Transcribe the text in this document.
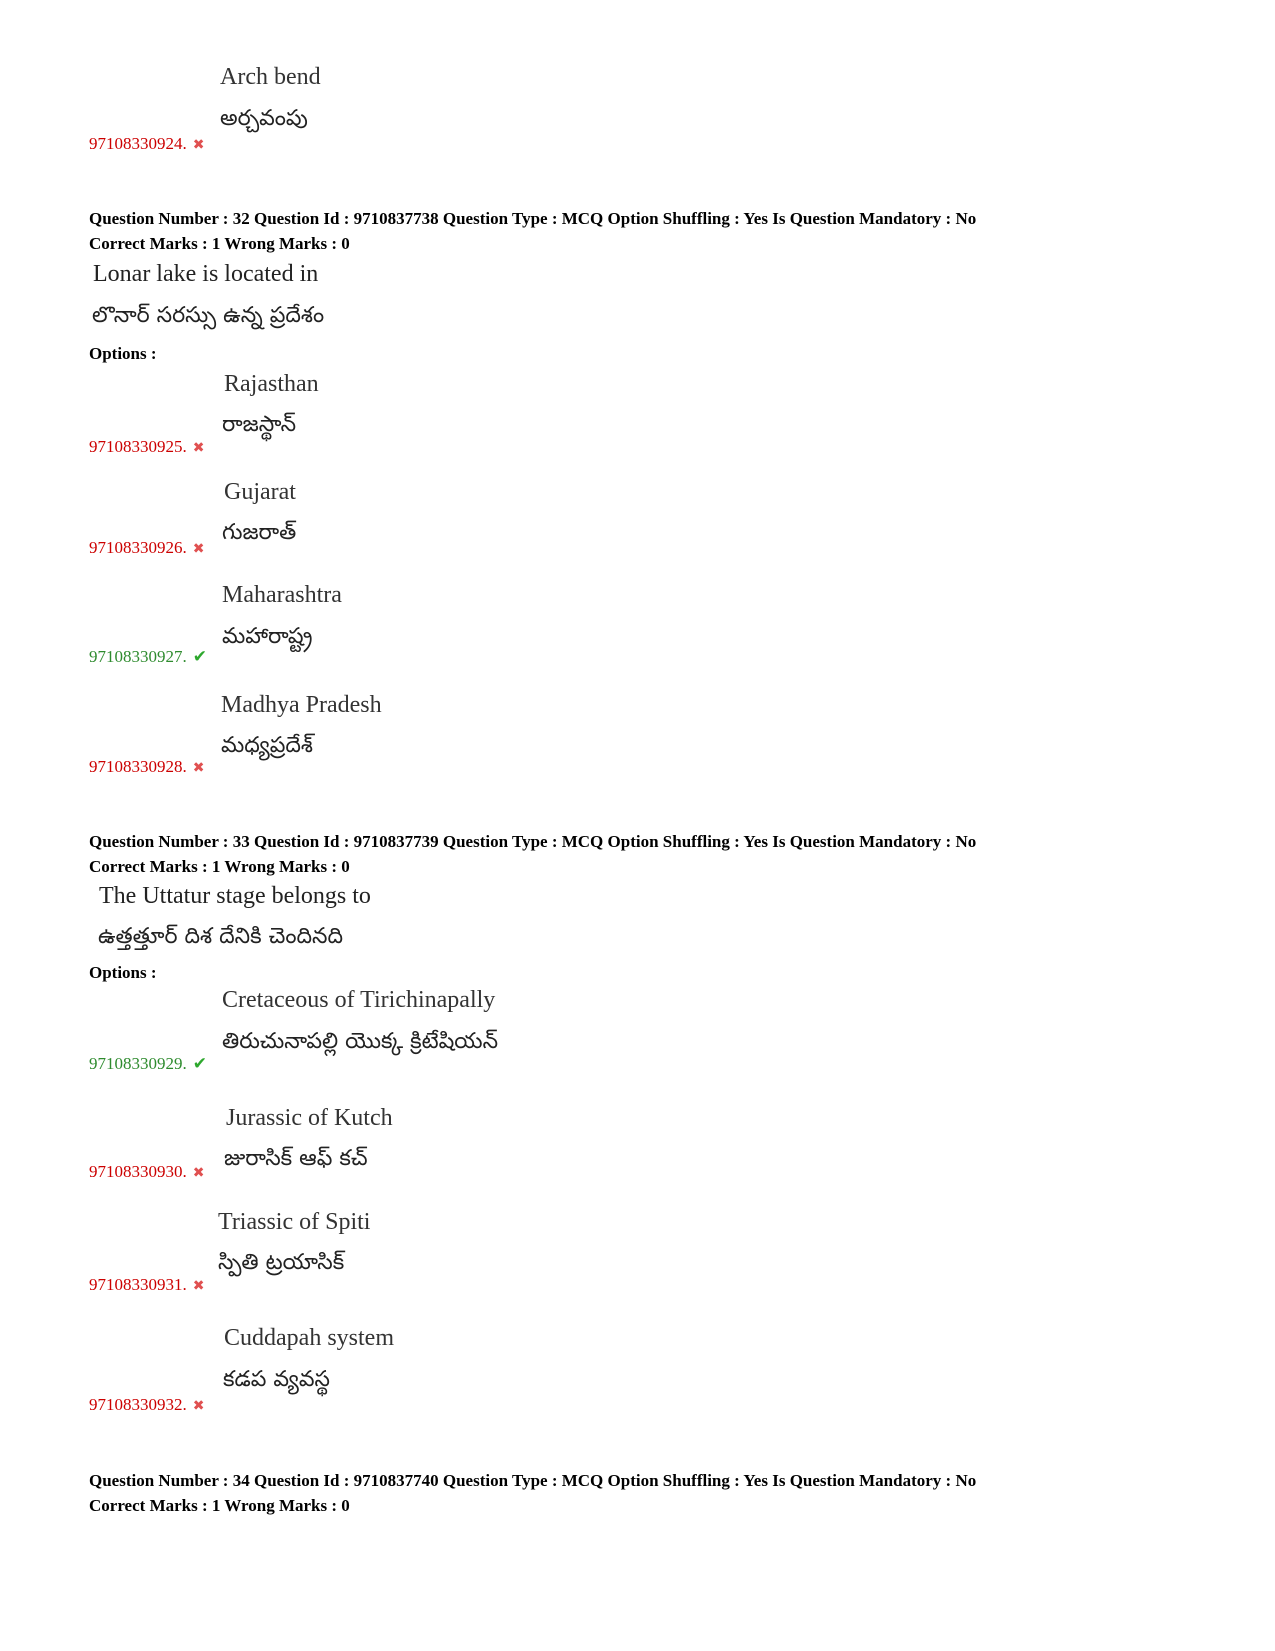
Arch bend
అర్చవంపు
97108330924. ✖
Question Number : 32 Question Id : 9710837738 Question Type : MCQ Option Shuffling : Yes Is Question Mandatory : No
Correct Marks : 1 Wrong Marks : 0
Lonar lake is located in
లొనార్ సరస్సు ఉన్న ప్రదేశం
Options :
Rajasthan
రాజస్థాన్
97108330925. ✖
Gujarat
గుజరాత్
97108330926. ✖
Maharashtra
మహారాష్ట్ర
97108330927. ✔
Madhya Pradesh
మధ్యప్రదేశ్
97108330928. ✖
Question Number : 33 Question Id : 9710837739 Question Type : MCQ Option Shuffling : Yes Is Question Mandatory : No
Correct Marks : 1 Wrong Marks : 0
The Uttatur stage belongs to
ఉత్తత్తూర్ దిశ దేనికి చెందినది
Options :
Cretaceous of Tirichinapally
తిరుచునాపల్లి యొక్క క్రిటేషియన్
97108330929. ✔
Jurassic of Kutch
జురాసిక్ ఆఫ్ కచ్
97108330930. ✖
Triassic of Spiti
స్పితి ట్రయాసిక్
97108330931. ✖
Cuddapah system
కడప వ్యవస్థ
97108330932. ✖
Question Number : 34 Question Id : 9710837740 Question Type : MCQ Option Shuffling : Yes Is Question Mandatory : No
Correct Marks : 1 Wrong Marks : 0
